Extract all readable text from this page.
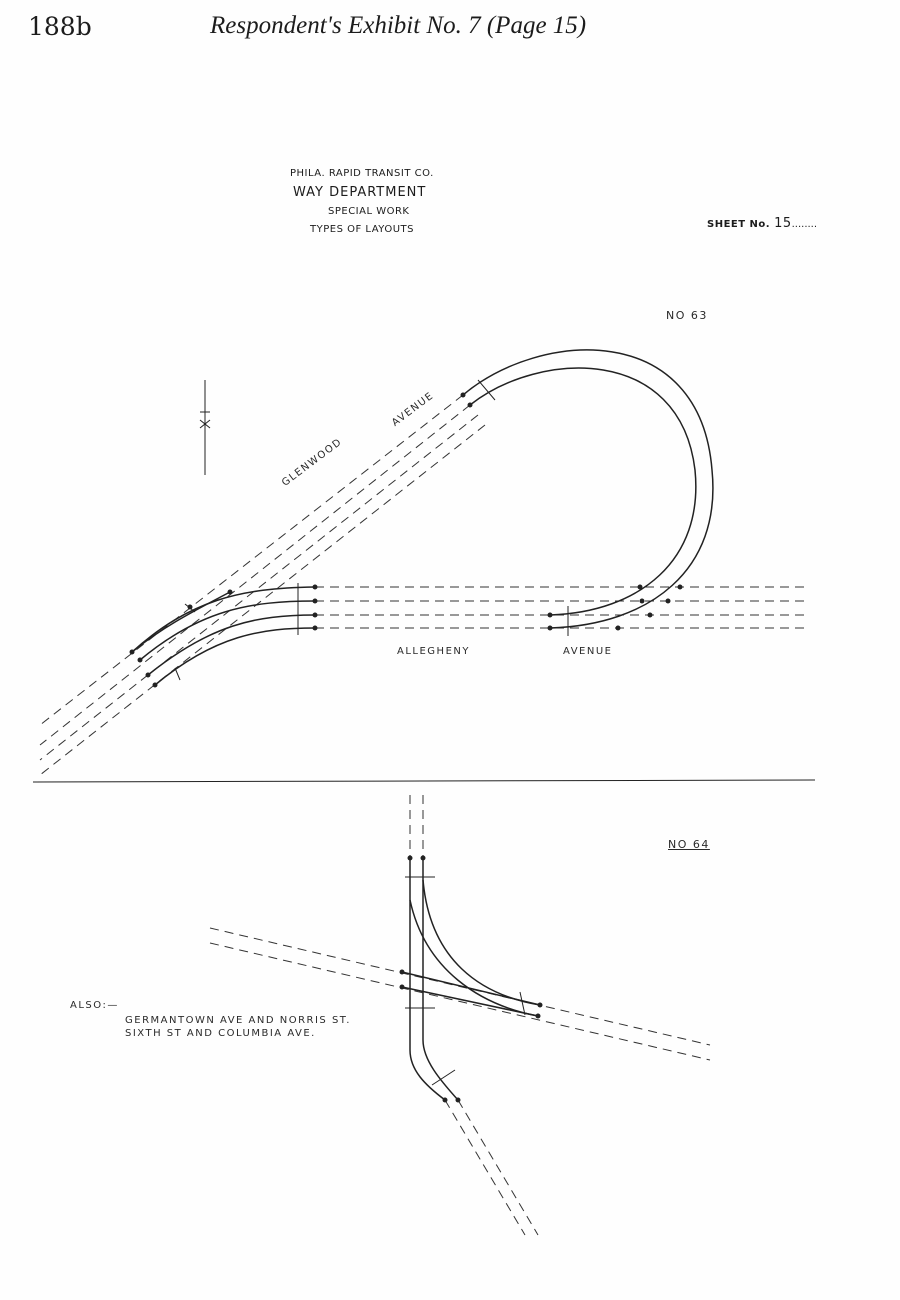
188b	Respondent's Exhibit No. 7 (Page 15)
PHILA. RAPID TRANSIT CO.
WAY DEPARTMENT
SPECIAL WORK
TYPES OF LAYOUTS	SHEET No. 15........
NO 63
GLENWOOD
AVENUE
ALLEGHENY	AVENUE
NO 64
ALSO:—
GERMANTOWN AVE AND NORRIS ST.
SIXTH ST AND COLUMBIA AVE.
